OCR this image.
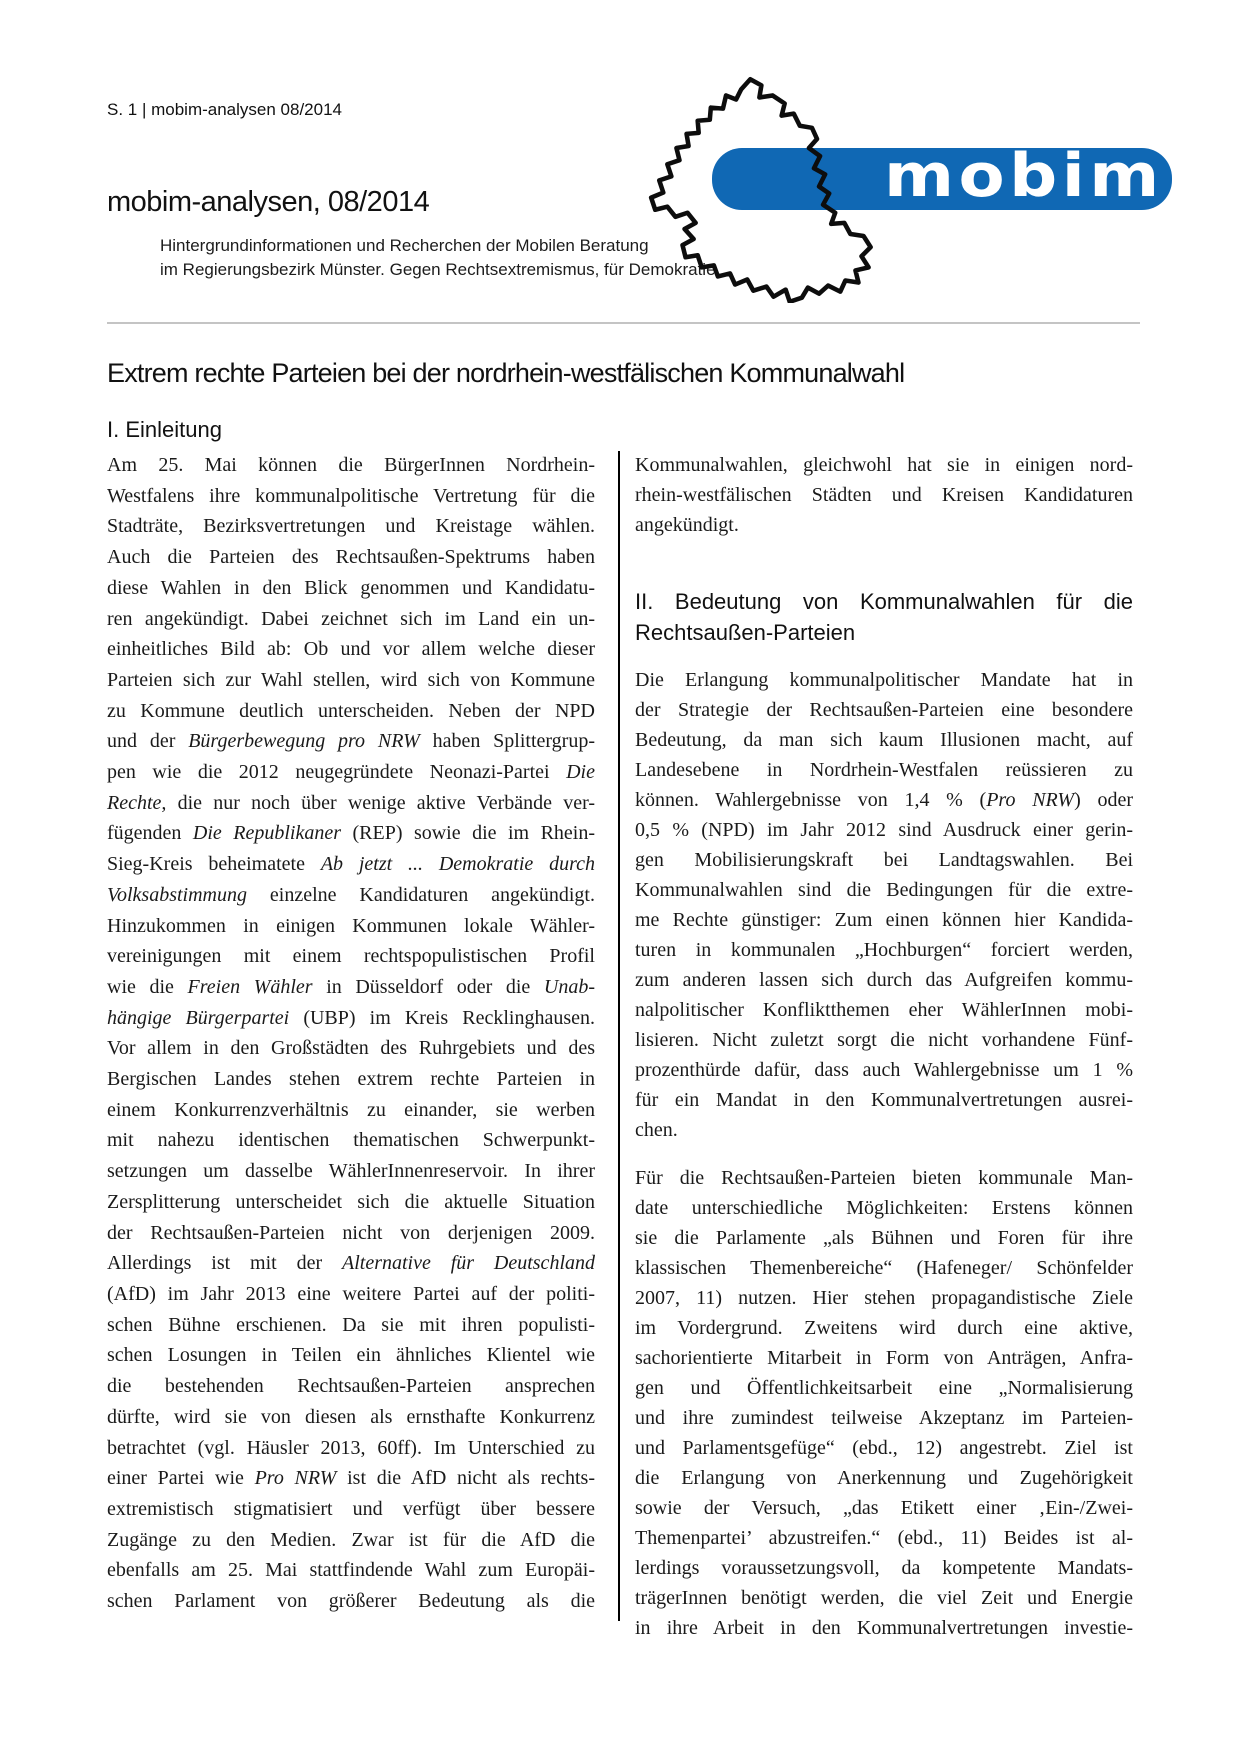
S. 1 | mobim-analysen 08/2014
mobim
mobim-analysen, 08/2014
Hintergrundinformationen und Recherchen der Mobilen Beratung
im Regierungsbezirk Münster. Gegen Rechtsextremismus, für Demokratie
Extrem rechte Parteien bei der nordrhein-westfälischen Kommunalwahl
I. Einleitung
Am 25. Mai können die BürgerInnen Nordrhein-
Westfalens ihre kommunalpolitische Vertretung für die
Stadträte, Bezirksvertretungen und Kreistage wählen.
Auch die Parteien des Rechtsaußen-Spektrums haben
diese Wahlen in den Blick genommen und Kandidatu-
ren angekündigt. Dabei zeichnet sich im Land ein un-
einheitliches Bild ab: Ob und vor allem welche dieser
Parteien sich zur Wahl stellen, wird sich von Kommune
zu Kommune deutlich unterscheiden. Neben der NPD
und der Bürgerbewegung pro NRW haben Splittergrup-
pen wie die 2012 neugegründete Neonazi-Partei Die
Rechte, die nur noch über wenige aktive Verbände ver-
fügenden Die Republikaner (REP) sowie die im Rhein-
Sieg-Kreis beheimatete Ab jetzt ... Demokratie durch
Volksabstimmung einzelne Kandidaturen angekündigt.
Hinzukommen in einigen Kommunen lokale Wähler-
vereinigungen mit einem rechtspopulistischen Profil
wie die Freien Wähler in Düsseldorf oder die Unab-
hängige Bürgerpartei (UBP) im Kreis Recklinghausen.
Vor allem in den Großstädten des Ruhrgebiets und des
Bergischen Landes stehen extrem rechte Parteien in
einem Konkurrenzverhältnis zu einander, sie werben
mit nahezu identischen thematischen Schwerpunkt-
setzungen um dasselbe WählerInnenreservoir. In ihrer
Zersplitterung unterscheidet sich die aktuelle Situation
der Rechtsaußen-Parteien nicht von derjenigen 2009.
Allerdings ist mit der Alternative für Deutschland
(AfD) im Jahr 2013 eine weitere Partei auf der politi-
schen Bühne erschienen. Da sie mit ihren populisti-
schen Losungen in Teilen ein ähnliches Klientel wie
die bestehenden Rechtsaußen-Parteien ansprechen
dürfte, wird sie von diesen als ernsthafte Konkurrenz
betrachtet (vgl. Häusler 2013, 60ff). Im Unterschied zu
einer Partei wie Pro NRW ist die AfD nicht als rechts-
extremistisch stigmatisiert und verfügt über bessere
Zugänge zu den Medien. Zwar ist für die AfD die
ebenfalls am 25. Mai stattfindende Wahl zum Europäi-
schen Parlament von größerer Bedeutung als die
Kommunalwahlen, gleichwohl hat sie in einigen nord-
rhein-westfälischen Städten und Kreisen Kandidaturen
angekündigt.
II. Bedeutung von Kommunalwahlen für die
Rechtsaußen-Parteien
Die Erlangung kommunalpolitischer Mandate hat in
der Strategie der Rechtsaußen-Parteien eine besondere
Bedeutung, da man sich kaum Illusionen macht, auf
Landesebene in Nordrhein-Westfalen reüssieren zu
können. Wahlergebnisse von 1,4 % (Pro NRW) oder
0,5 % (NPD) im Jahr 2012 sind Ausdruck einer gerin-
gen Mobilisierungskraft bei Landtagswahlen. Bei
Kommunalwahlen sind die Bedingungen für die extre-
me Rechte günstiger: Zum einen können hier Kandida-
turen in kommunalen „Hochburgen“ forciert werden,
zum anderen lassen sich durch das Aufgreifen kommu-
nalpolitischer Konfliktthemen eher WählerInnen mobi-
lisieren. Nicht zuletzt sorgt die nicht vorhandene Fünf-
prozenthürde dafür, dass auch Wahlergebnisse um 1 %
für ein Mandat in den Kommunalvertretungen ausrei-
chen.
Für die Rechtsaußen-Parteien bieten kommunale Man-
date unterschiedliche Möglichkeiten: Erstens können
sie die Parlamente „als Bühnen und Foren für ihre
klassischen Themenbereiche“ (Hafeneger/ Schönfelder
2007, 11) nutzen. Hier stehen propagandistische Ziele
im Vordergrund. Zweitens wird durch eine aktive,
sachorientierte Mitarbeit in Form von Anträgen, Anfra-
gen und Öffentlichkeitsarbeit eine „Normalisierung
und ihre zumindest teilweise Akzeptanz im Parteien-
und Parlamentsgefüge“ (ebd., 12) angestrebt. Ziel ist
die Erlangung von Anerkennung und Zugehörigkeit
sowie der Versuch, „das Etikett einer ‚Ein-/Zwei-
Themenpartei’ abzustreifen.“ (ebd., 11) Beides ist al-
lerdings voraussetzungsvoll, da kompetente Mandats-
trägerInnen benötigt werden, die viel Zeit und Energie
in ihre Arbeit in den Kommunalvertretungen investie-
